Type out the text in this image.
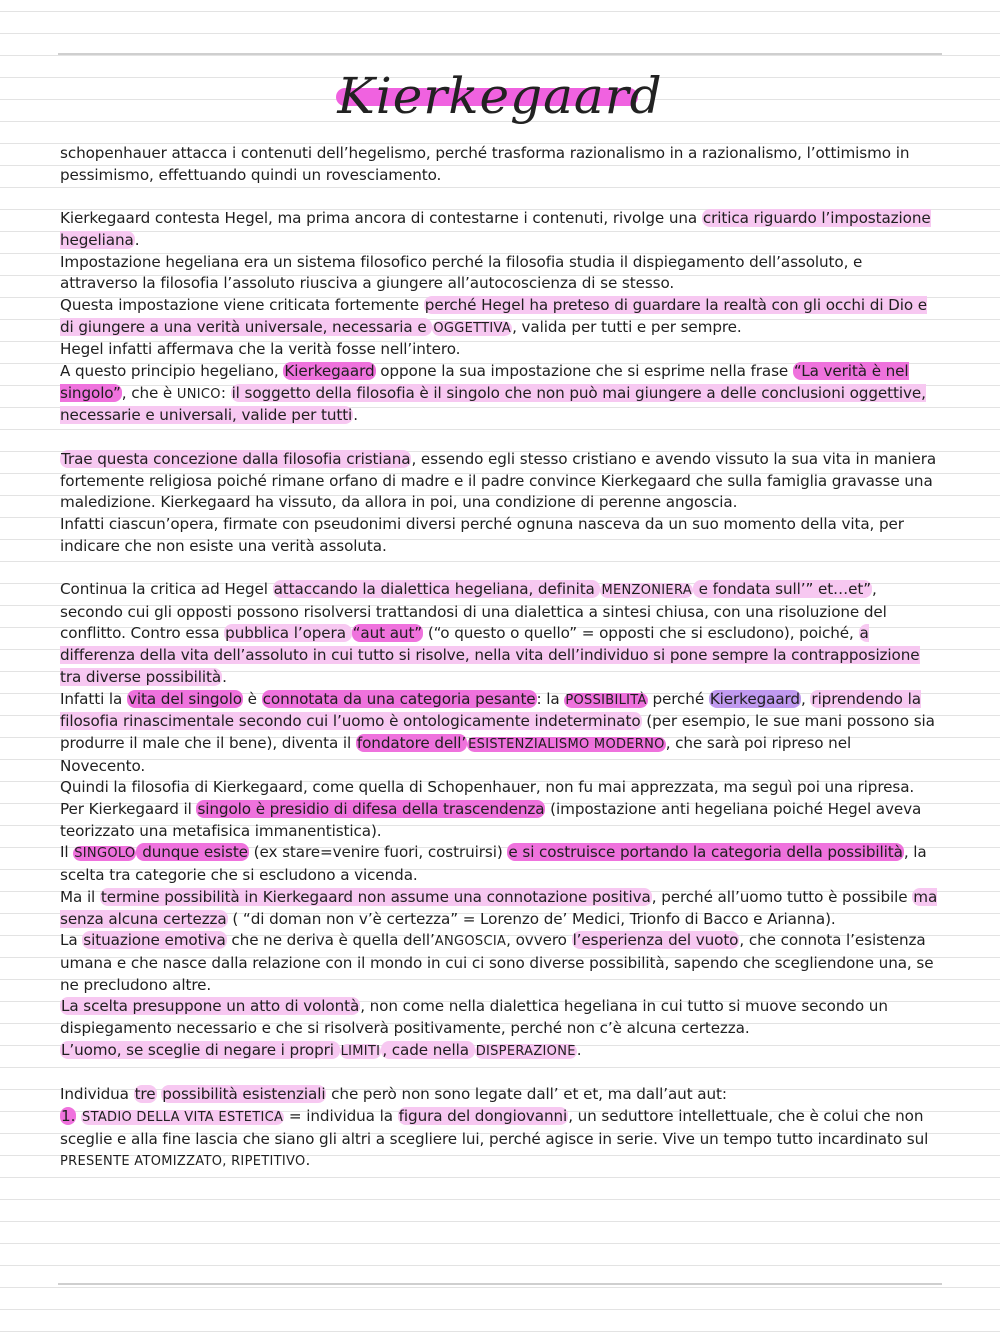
Kierkegaard

schopenhauer attacca i contenuti dell’hegelismo, perché trasforma razionalismo in a razionalismo, l’ottimismo in pessimismo, effettuando quindi un rovesciamento.

Kierkegaard contesta Hegel, ma prima ancora di contestarne i contenuti, rivolge una critica riguardo l’impostazione hegeliana.

Impostazione hegeliana era un sistema filosofico perché la filosofia studia il dispiegamento dell’assoluto, e attraverso la filosofia l’assoluto riusciva a giungere all’autocoscienza di se stesso.

Questa impostazione viene criticata fortemente perché Hegel ha preteso di guardare la realtà con gli occhi di Dio e di giungere a una verità universale, necessaria e OGGETTIVA, valida per tutti e per sempre.

Hegel infatti affermava che la verità fosse nell’intero.

A questo principio hegeliano, Kierkegaard oppone la sua impostazione che si esprime nella frase “La verità è nel singolo”, che è UNICO: il soggetto della filosofia è il singolo che non può mai giungere a delle conclusioni oggettive, necessarie e universali, valide per tutti.

Trae questa concezione dalla filosofia cristiana, essendo egli stesso cristiano e avendo vissuto la sua vita in maniera fortemente religiosa poiché rimane orfano di madre e il padre convince Kierkegaard che sulla famiglia gravasse una maledizione. Kierkegaard ha vissuto, da allora in poi, una condizione di perenne angoscia.

Infatti ciascun’opera, firmate con pseudonimi diversi perché ognuna nasceva da un suo momento della vita, per indicare che non esiste una verità assoluta.

Continua la critica ad Hegel attaccando la dialettica hegeliana, definita MENZONIERA e fondata sull’” et…et”, secondo cui gli opposti possono risolversi trattandosi di una dialettica a sintesi chiusa, con una risoluzione del conflitto. Contro essa pubblica l’opera “aut aut” (“o questo o quello” = opposti che si escludono), poiché, a differenza della vita dell’assoluto in cui tutto si risolve, nella vita dell’individuo si pone sempre la contrapposizione tra diverse possibilità.

Infatti la vita del singolo è connotata da una categoria pesante: la POSSIBILITÀ perché Kierkegaard, riprendendo la filosofia rinascimentale secondo cui l’uomo è ontologicamente indeterminato (per esempio, le sue mani possono sia produrre il male che il bene), diventa il fondatore dell’ ESISTENZIALISMO MODERNO, che sarà poi ripreso nel Novecento.

Quindi la filosofia di Kierkegaard, come quella di Schopenhauer, non fu mai apprezzata, ma seguì poi una ripresa.

Per Kierkegaard il singolo è presidio di difesa della trascendenza (impostazione anti hegeliana poiché Hegel aveva teorizzato una metafisica immanentistica).

Il SINGOLO dunque esiste (ex stare=venire fuori, costruirsi) e si costruisce portando la categoria della possibilità, la scelta tra categorie che si escludono a vicenda.

Ma il termine possibilità in Kierkegaard non assume una connotazione positiva, perché all’uomo tutto è possibile ma senza alcuna certezza ( “di doman non v’è certezza” = Lorenzo de’ Medici, Trionfo di Bacco e Arianna).

La situazione emotiva che ne deriva è quella dell’ANGOSCIA, ovvero l’esperienza del vuoto, che connota l’esistenza umana e che nasce dalla relazione con il mondo in cui ci sono diverse possibilità, sapendo che scegliendone una, se ne precludono altre.

La scelta presuppone un atto di volontà, non come nella dialettica hegeliana in cui tutto si muove secondo un dispiegamento necessario e che si risolverà positivamente, perché non c’è alcuna certezza.

L’uomo, se sceglie di negare i propri LIMITI , cade nella DISPERAZIONE.

Individua tre possibilità esistenziali che però non sono legate dall’ et et, ma dall’aut aut:

1. STADIO DELLA VITA ESTETICA = individua la figura del dongiovanni, un seduttore intellettuale, che è colui che non sceglie e alla fine lascia che siano gli altri a scegliere lui, perché agisce in serie. Vive un tempo tutto incardinato sul PRESENTE ATOMIZZATO, RIPETITIVO.
